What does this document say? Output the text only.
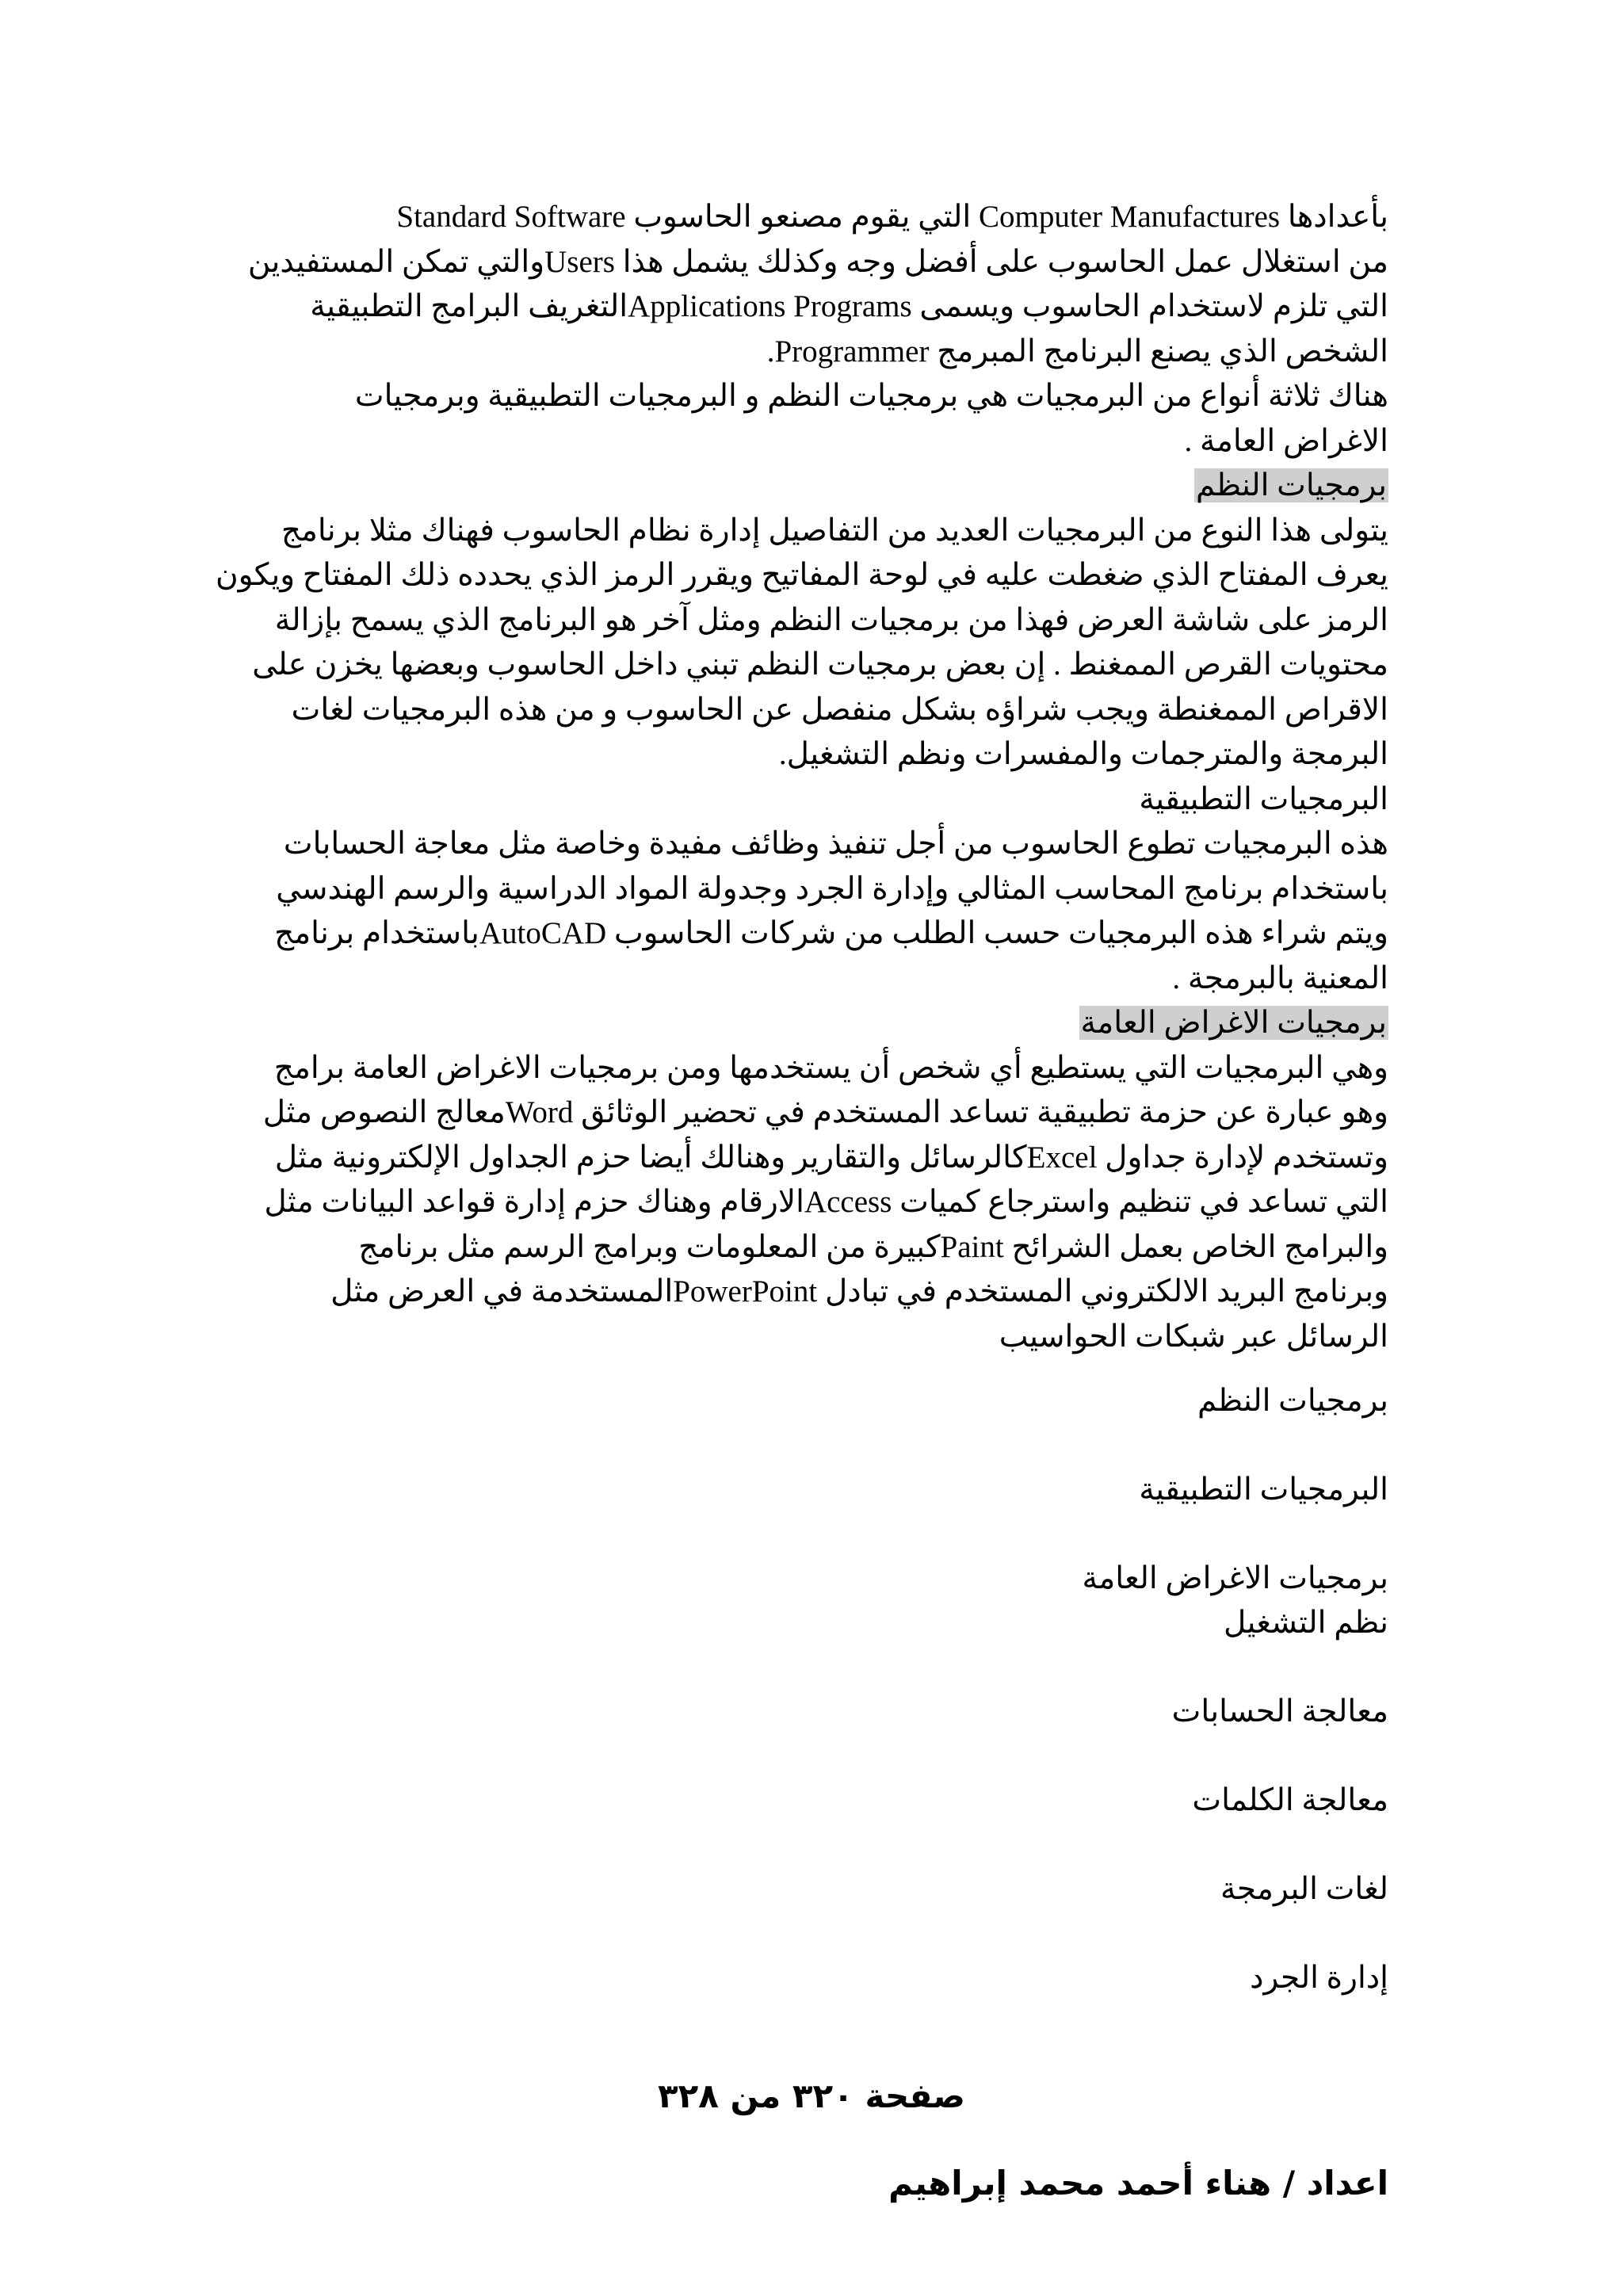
بأعدادها Computer Manufactures التي يقوم مصنعو الحاسوب Standard Software
من استغلال عمل الحاسوب على أفضل وجه وكذلك يشمل هذا Usersوالتي تمكن المستفيدين
التي تلزم لاستخدام الحاسوب ويسمى Applications Programsالتغريف البرامج التطبيقية
الشخص الذي يصنع البرنامج المبرمج Programmer.
هناك ثلاثة أنواع من البرمجيات هي برمجيات النظم و البرمجيات التطبيقية وبرمجيات
الاغراض العامة .
برمجيات النظم
يتولى هذا النوع من البرمجيات العديد من التفاصيل إدارة نظام الحاسوب فهناك مثلا برنامج
يعرف المفتاح الذي ضغطت عليه في لوحة المفاتيح ويقرر الرمز الذي يحدده ذلك المفتاح ويكون
الرمز على شاشة العرض فهذا من برمجيات النظم ومثل آخر هو البرنامج الذي يسمح بإزالة
محتويات القرص الممغنط . إن بعض برمجيات النظم تبني داخل الحاسوب وبعضها يخزن على
الاقراص الممغنطة ويجب شراؤه بشكل منفصل عن الحاسوب و من هذه البرمجيات لغات
البرمجة والمترجمات والمفسرات ونظم التشغيل.
البرمجيات التطبيقية
هذه البرمجيات تطوع الحاسوب من أجل تنفيذ وظائف مفيدة وخاصة مثل معاجة الحسابات
باستخدام برنامج المحاسب المثالي وإدارة الجرد وجدولة المواد الدراسية والرسم الهندسي
ويتم شراء هذه البرمجيات حسب الطلب من شركات الحاسوب AutoCADباستخدام برنامج
المعنية بالبرمجة .
برمجيات الاغراض العامة
وهي البرمجيات التي يستطيع أي شخص أن يستخدمها ومن برمجيات الاغراض العامة برامج
وهو عبارة عن حزمة تطبيقية تساعد المستخدم في تحضير الوثائق Wordمعالج النصوص مثل
وتستخدم لإدارة جداول Excelكالرسائل والتقارير وهنالك أيضا حزم الجداول الإلكترونية مثل
التي تساعد في تنظيم واسترجاع كميات Accessالارقام وهناك حزم إدارة قواعد البيانات مثل
والبرامج الخاص بعمل الشرائح Paintكبيرة من المعلومات وبرامج الرسم مثل برنامج
وبرنامج البريد الالكتروني المستخدم في تبادل PowerPointالمستخدمة في العرض مثل
الرسائل عبر شبكات الحواسيب
برمجيات النظم
البرمجيات التطبيقية
برمجيات الاغراض العامة
نظم التشغيل
معالجة الحسابات
معالجة الكلمات
لغات البرمجة
إدارة الجرد
صفحة ٣٢٠ من ٣٢٨
اعداد / هناء أحمد محمد إبراهيم
